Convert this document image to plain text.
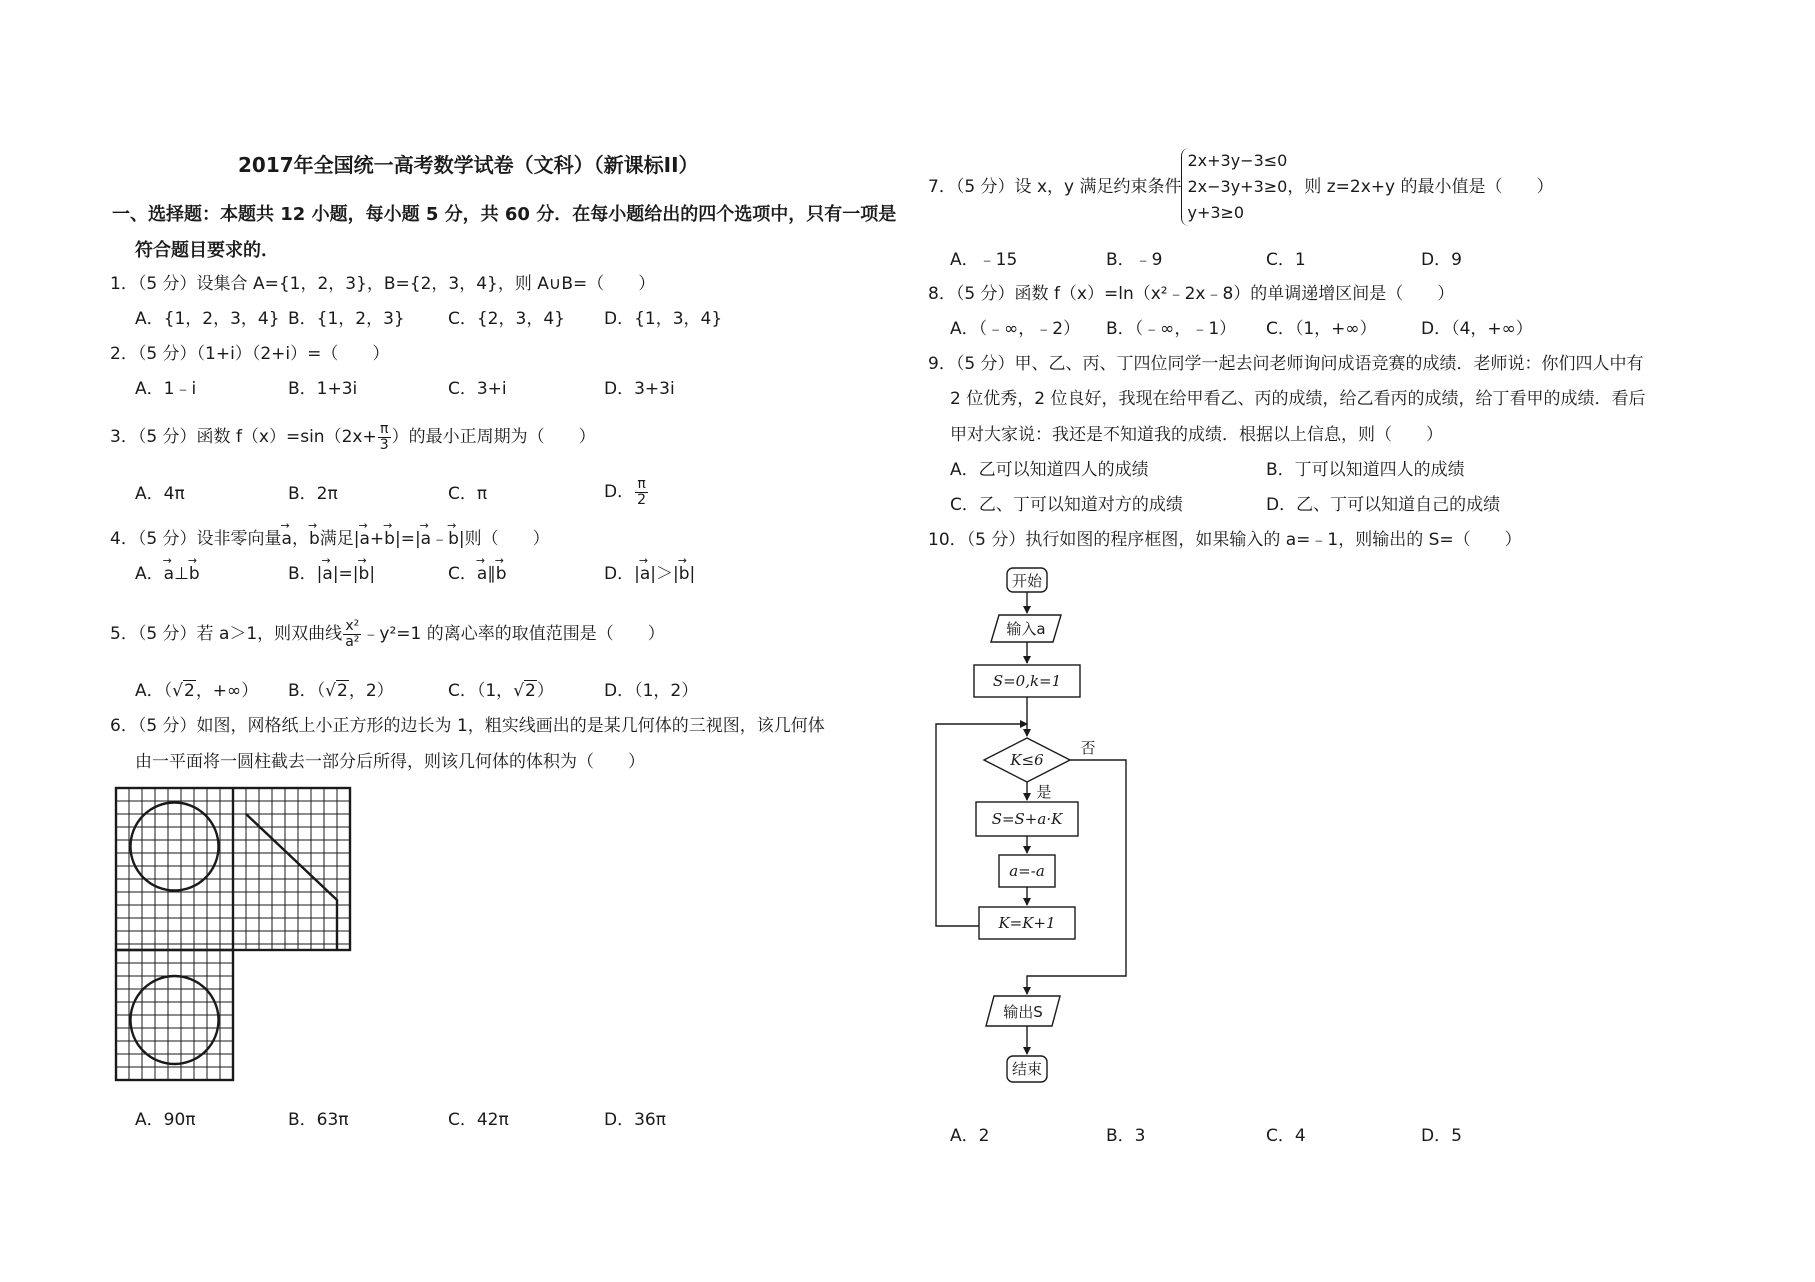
2017年全国统一高考数学试卷（文科）（新课标II）
一、选择题：本题共 12 小题，每小题 5 分，共 60 分．在每小题给出的四个选项中，只有一项是
符合题目要求的．
1．（5 分）设集合 A={1，2，3}，B={2，3，4}，则 A∪B=（　　）
A．{1，2，3，4} B．{1，2，3}	C．{2，3，4} D．{1，3，4}
2．（5 分）（1+i）（2+i）=（　　）
A．1﹣i	B．1+3i	C．3+i	D．3+3i
3．（5 分）函数 $f(x)=\sin(2x+ \frac{\pi}{3}$ ）的最小正周期为（　　）
A．4π	B．2π	C．π	D． $\frac{\pi}{2}$
4．（5 分）设非零向量→ a，→ b满足|→ a+→ b|=|→ a﹣→ b|则（　　）
A．→ a⊥→ b	B．|→ a|=|→ b|	C．→ a∥→ b	D．|→ a|＞|→ b|
5．（5 分）若 a＞1，则双曲线 $\frac{\text{x²}}{\text{a²}}$ ﹣y²=1 的离心率的取值范围是（　　）
A．（√2，+∞） B．（√2，2）	C．（1，√2）	D．（1，2）
6．（5 分）如图，网格纸上小正方形的边长为 1，粗实线画出的是某几何体的三视图，该几何体
由一平面将一圆柱截去一部分后所得，则该几何体的体积为（　　）
A．90π	B．63π	C．42π	D．36π
7．（5 分）设 x，y 满足约束条件
2x+3y−3≤0
2x−3y+3≥0
y+3≥0
，则 z=2x+y 的最小值是（　　）
A．﹣15	B．﹣9	C．1	D．9
8．（5 分）函数 f（x）=ln（x²﹣2x﹣8）的单调递增区间是（　　）
A．（﹣∞，﹣2） B．（﹣∞，﹣1） C．（1，+∞）	D．（4，+∞）
9．（5 分）甲、乙、丙、丁四位同学一起去问老师询问成语竞赛的成绩．老师说：你们四人中有
2 位优秀，2 位良好，我现在给甲看乙、丙的成绩，给乙看丙的成绩，给丁看甲的成绩．看后
甲对大家说：我还是不知道我的成绩．根据以上信息，则（　　）
A．乙可以知道四人的成绩	B．丁可以知道四人的成绩
C．乙、丁可以知道对方的成绩	D．乙、丁可以知道自己的成绩
10．（5 分）执行如图的程序框图，如果输入的 a=﹣1，则输出的 S=（　　）
开始
输入a
S=0,k=1
K≤6
否
是
S=S+a·K
a=-a
K=K+1
输出S
结束
A．2	B．3	C．4	D．5
